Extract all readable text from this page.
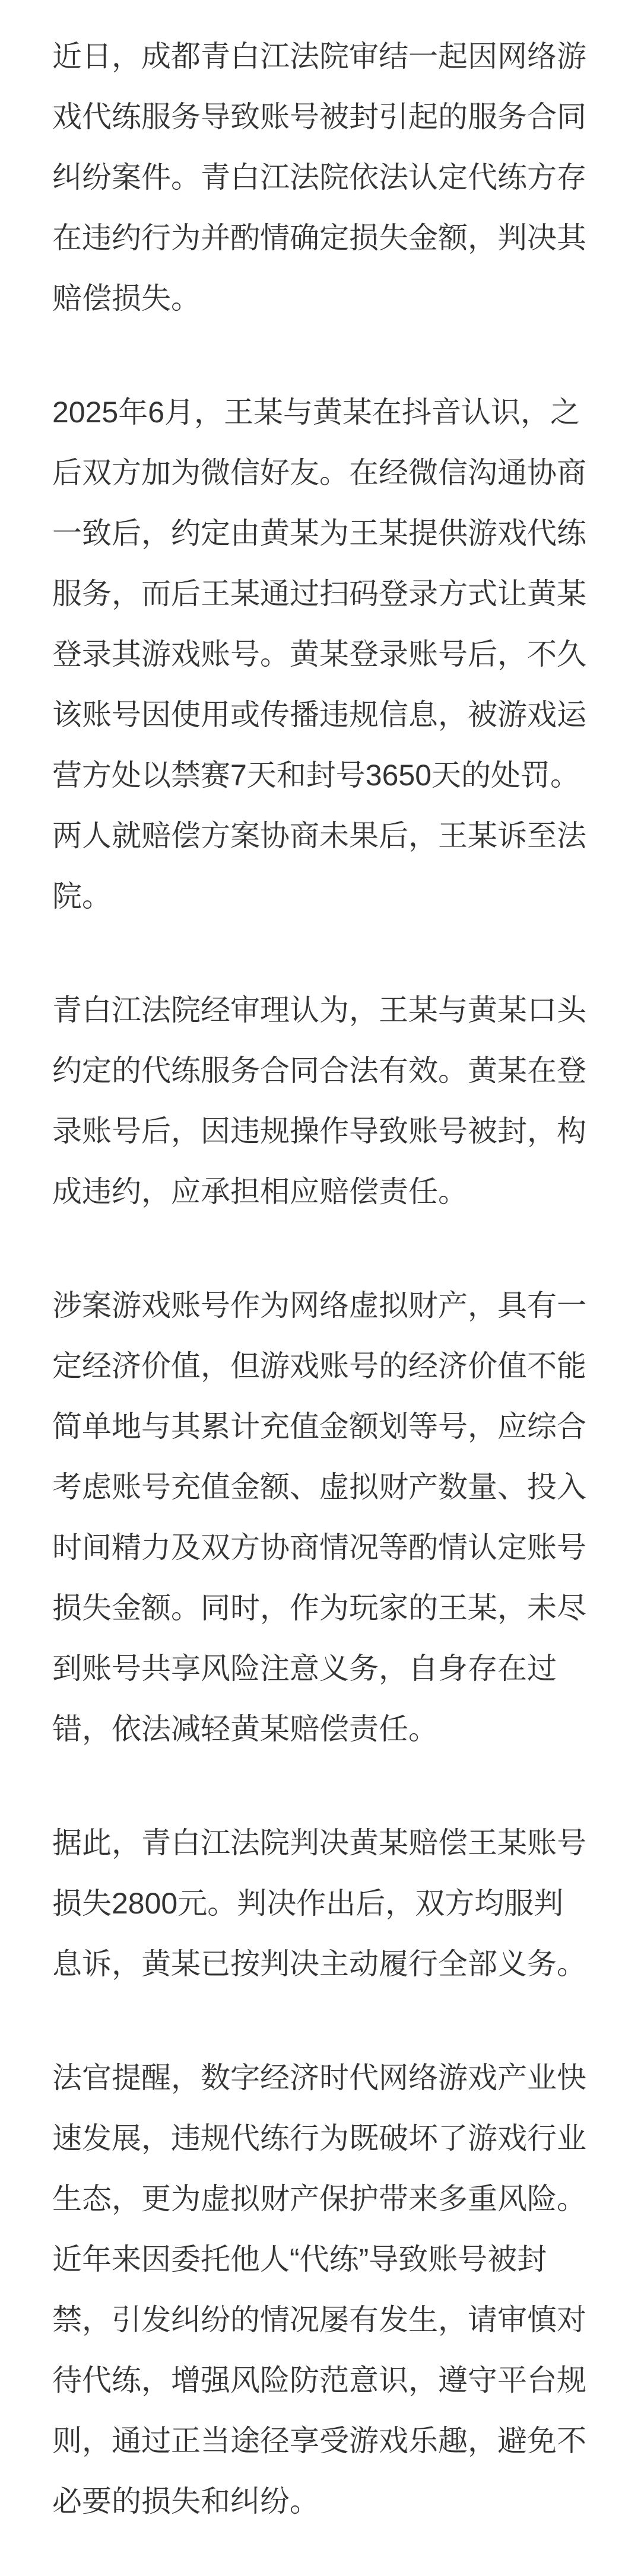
近日，成都青白江法院审结一起因网络游戏代练服务导致账号被封引起的服务合同纠纷案件。青白江法院依法认定代练方存在违约行为并酌情确定损失金额，判决其赔偿损失。

2025年6月，王某与黄某在抖音认识，之后双方加为微信好友。在经微信沟通协商一致后，约定由黄某为王某提供游戏代练服务，而后王某通过扫码登录方式让黄某登录其游戏账号。黄某登录账号后，不久该账号因使用或传播违规信息，被游戏运营方处以禁赛7天和封号3650天的处罚。两人就赔偿方案协商未果后，王某诉至法院。

青白江法院经审理认为，王某与黄某口头约定的代练服务合同合法有效。黄某在登录账号后，因违规操作导致账号被封，构成违约，应承担相应赔偿责任。

涉案游戏账号作为网络虚拟财产，具有一定经济价值，但游戏账号的经济价值不能简单地与其累计充值金额划等号，应综合考虑账号充值金额、虚拟财产数量、投入时间精力及双方协商情况等酌情认定账号损失金额。同时，作为玩家的王某，未尽到账号共享风险注意义务，自身存在过错，依法减轻黄某赔偿责任。

据此，青白江法院判决黄某赔偿王某账号损失2800元。判决作出后，双方均服判息诉，黄某已按判决主动履行全部义务。

法官提醒，数字经济时代网络游戏产业快速发展，违规代练行为既破坏了游戏行业生态，更为虚拟财产保护带来多重风险。近年来因委托他人“代练”导致账号被封禁，引发纠纷的情况屡有发生，请审慎对待代练，增强风险防范意识，遵守平台规则，通过正当途径享受游戏乐趣，避免不必要的损失和纠纷。
